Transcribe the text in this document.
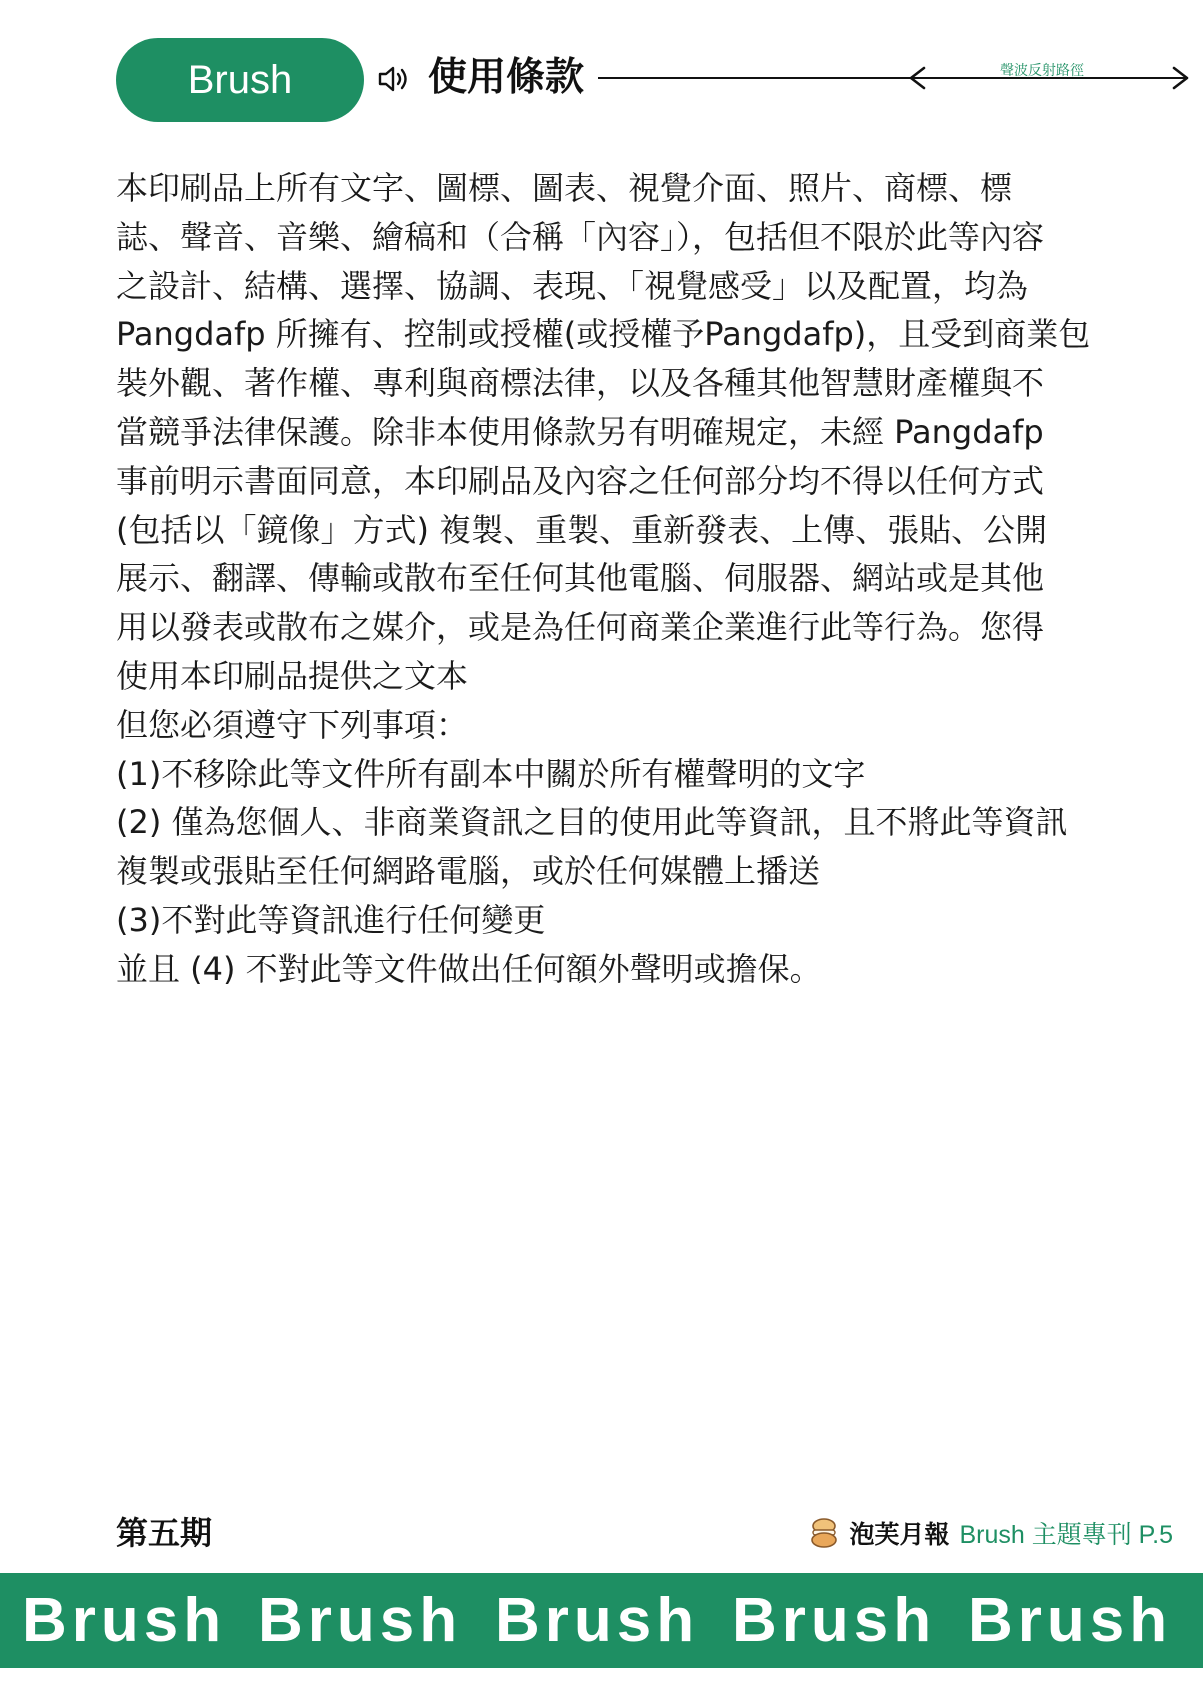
Brush	使用條款	聲波反射路徑
本印刷品上所有文字、圖標、圖表、視覺介面、照片、商標、標
誌、聲音、音樂、繪稿和（合稱「內容」），包括但不限於此等內容
之設計、結構、選擇、協調、表現、「視覺感受」以及配置，均為
Pangdafp 所擁有、控制或授權(或授權予Pangdafp)，且受到商業包
裝外觀、著作權、專利與商標法律，以及各種其他智慧財產權與不
當競爭法律保護。除非本使用條款另有明確規定，未經 Pangdafp
事前明示書面同意，本印刷品及內容之任何部分均不得以任何方式
(包括以「鏡像」方式) 複製、重製、重新發表、上傳、張貼、公開
展示、翻譯、傳輸或散布至任何其他電腦、伺服器、網站或是其他
用以發表或散布之媒介，或是為任何商業企業進行此等行為。您得
使用本印刷品提供之文本
但您必須遵守下列事項：
(1)不移除此等文件所有副本中關於所有權聲明的文字
(2) 僅為您個人、非商業資訊之目的使用此等資訊，且不將此等資訊
複製或張貼至任何網路電腦，或於任何媒體上播送
(3)不對此等資訊進行任何變更
並且 (4) 不對此等文件做出任何額外聲明或擔保。
第五期	泡芙月報 Brush 主題專刊 P.5
Brush Brush Brush Brush Brush
